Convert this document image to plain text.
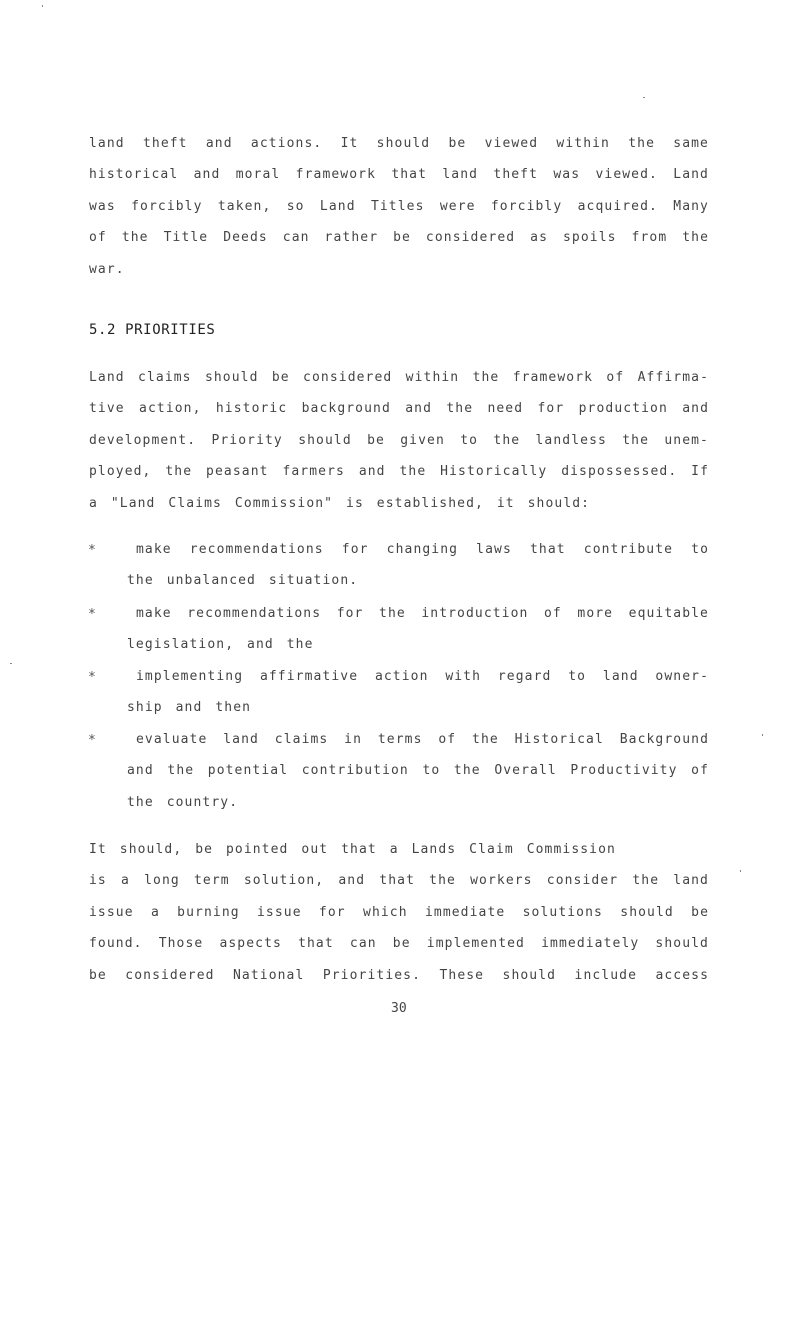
land theft and actions. It should be viewed within the same
historical and moral framework that land theft was viewed. Land
was forcibly taken, so Land Titles were forcibly acquired. Many
of the Title Deeds can rather be considered as spoils from the
war.
5.2 PRIORITIES
Land claims should be considered within the framework of Affirma-
tive action, historic background and the need for production and
development. Priority should be given to the landless the unem-
ployed, the peasant farmers and the Historically dispossessed. If
a "Land Claims Commission" is established, it should:
*	make recommendations for changing laws that contribute to
the unbalanced situation.
*	make recommendations for the introduction of more equitable
legislation, and the
*	implementing affirmative action with regard to land owner-
ship and then
*	evaluate land claims in terms of the Historical Background
and the potential contribution to the Overall Productivity of
the country.
It should, be pointed out that a Lands Claim Commission
is a long term solution, and that the workers consider the land
issue a burning issue for which immediate solutions should be
found. Those aspects that can be implemented immediately should
be considered National Priorities. These should include access
30
